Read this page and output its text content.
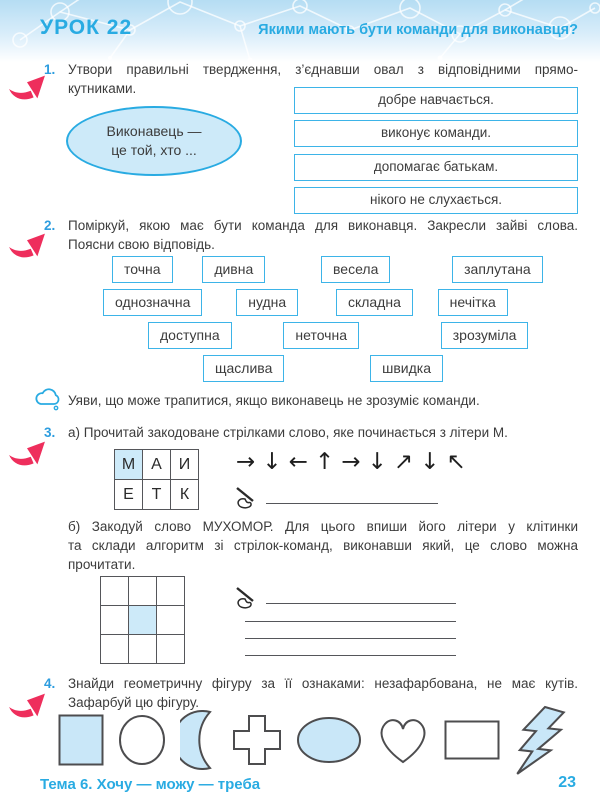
УРОК 22	Якими мають бути команди для виконавця?
1. Утвори правильні твердження, з’єднавши овал з відповідними прямо-
кутниками.
Виконавець —
це той, хто ...
добре навчається.
виконує команди.
допомагає батькам.
нікого не слухається.
2. Поміркуй, якою має бути команда для виконавця. Закресли зайві слова.
Поясни свою відповідь.
точна	дивна	весела	заплутана
однозначна	нудна	складна	нечітка
доступна	неточна	зрозуміла
щаслива	швидка
Уяви, що може трапитися, якщо виконавець не зрозуміє команди.
3. а) Прочитай закодоване стрілками слово, яке починається з літери М.
М	А	И
Е	Т	К
→ ↓ ← ↑ → ↓ ↗ ↓ ↖
б) Закодуй слово МУХОМОР. Для цього впиши його літери у клітинки
та склади алгоритм зі стрілок-команд, виконавши який, це слово можна
прочитати.
4. Знайди геометричну фігуру за її ознаками: незафарбована, не має кутів.
Зафарбуй цю фігуру.
Тема 6. Хочу — можу — треба	23
